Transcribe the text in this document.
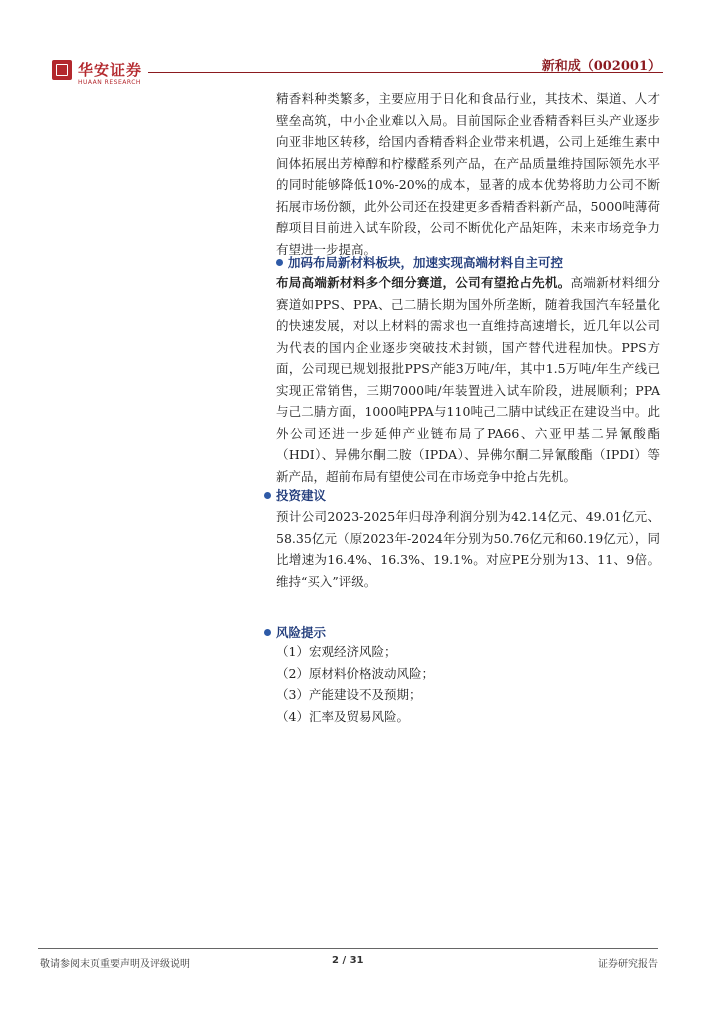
华安证券
HUAAN RESEARCH
新和成（002001）

精香料种类繁多，主要应用于日化和食品行业，其技术、渠道、人才壁垒高筑，中小企业难以入局。目前国际企业香精香料巨头产业逐步向亚非地区转移，给国内香精香料企业带来机遇，公司上延维生素中间体拓展出芳樟醇和柠檬醛系列产品，在产品质量维持国际领先水平的同时能够降低10%-20%的成本，显著的成本优势将助力公司不断拓展市场份额，此外公司还在投建更多香精香料新产品，5000吨薄荷醇项目目前进入试车阶段，公司不断优化产品矩阵，未来市场竞争力有望进一步提高。

加码布局新材料板块，加速实现高端材料自主可控

布局高端新材料多个细分赛道，公司有望抢占先机。高端新材料细分赛道如PPS、PPA、己二腈长期为国外所垄断，随着我国汽车轻量化的快速发展，对以上材料的需求也一直维持高速增长，近几年以公司为代表的国内企业逐步突破技术封锁，国产替代进程加快。PPS方面，公司现已规划报批PPS产能3万吨/年，其中1.5万吨/年生产线已实现正常销售，三期7000吨/年装置进入试车阶段，进展顺利；PPA与己二腈方面，1000吨PPA与110吨己二腈中试线正在建设当中。此外公司还进一步延伸产业链布局了PA66、六亚甲基二异氰酸酯（HDI）、异佛尔酮二胺（IPDA）、异佛尔酮二异氰酸酯（IPDI）等新产品，超前布局有望使公司在市场竞争中抢占先机。

投资建议

预计公司2023-2025年归母净利润分别为42.14亿元、49.01亿元、58.35亿元（原2023年-2024年分别为50.76亿元和60.19亿元），同比增速为16.4%、16.3%、19.1%。对应PE分别为13、11、9倍。维持“买入”评级。

风险提示

（1）宏观经济风险；

（2）原材料价格波动风险；

（3）产能建设不及预期；

（4）汇率及贸易风险。

敬请参阅末页重要声明及评级说明	2 / 31	证券研究报告
